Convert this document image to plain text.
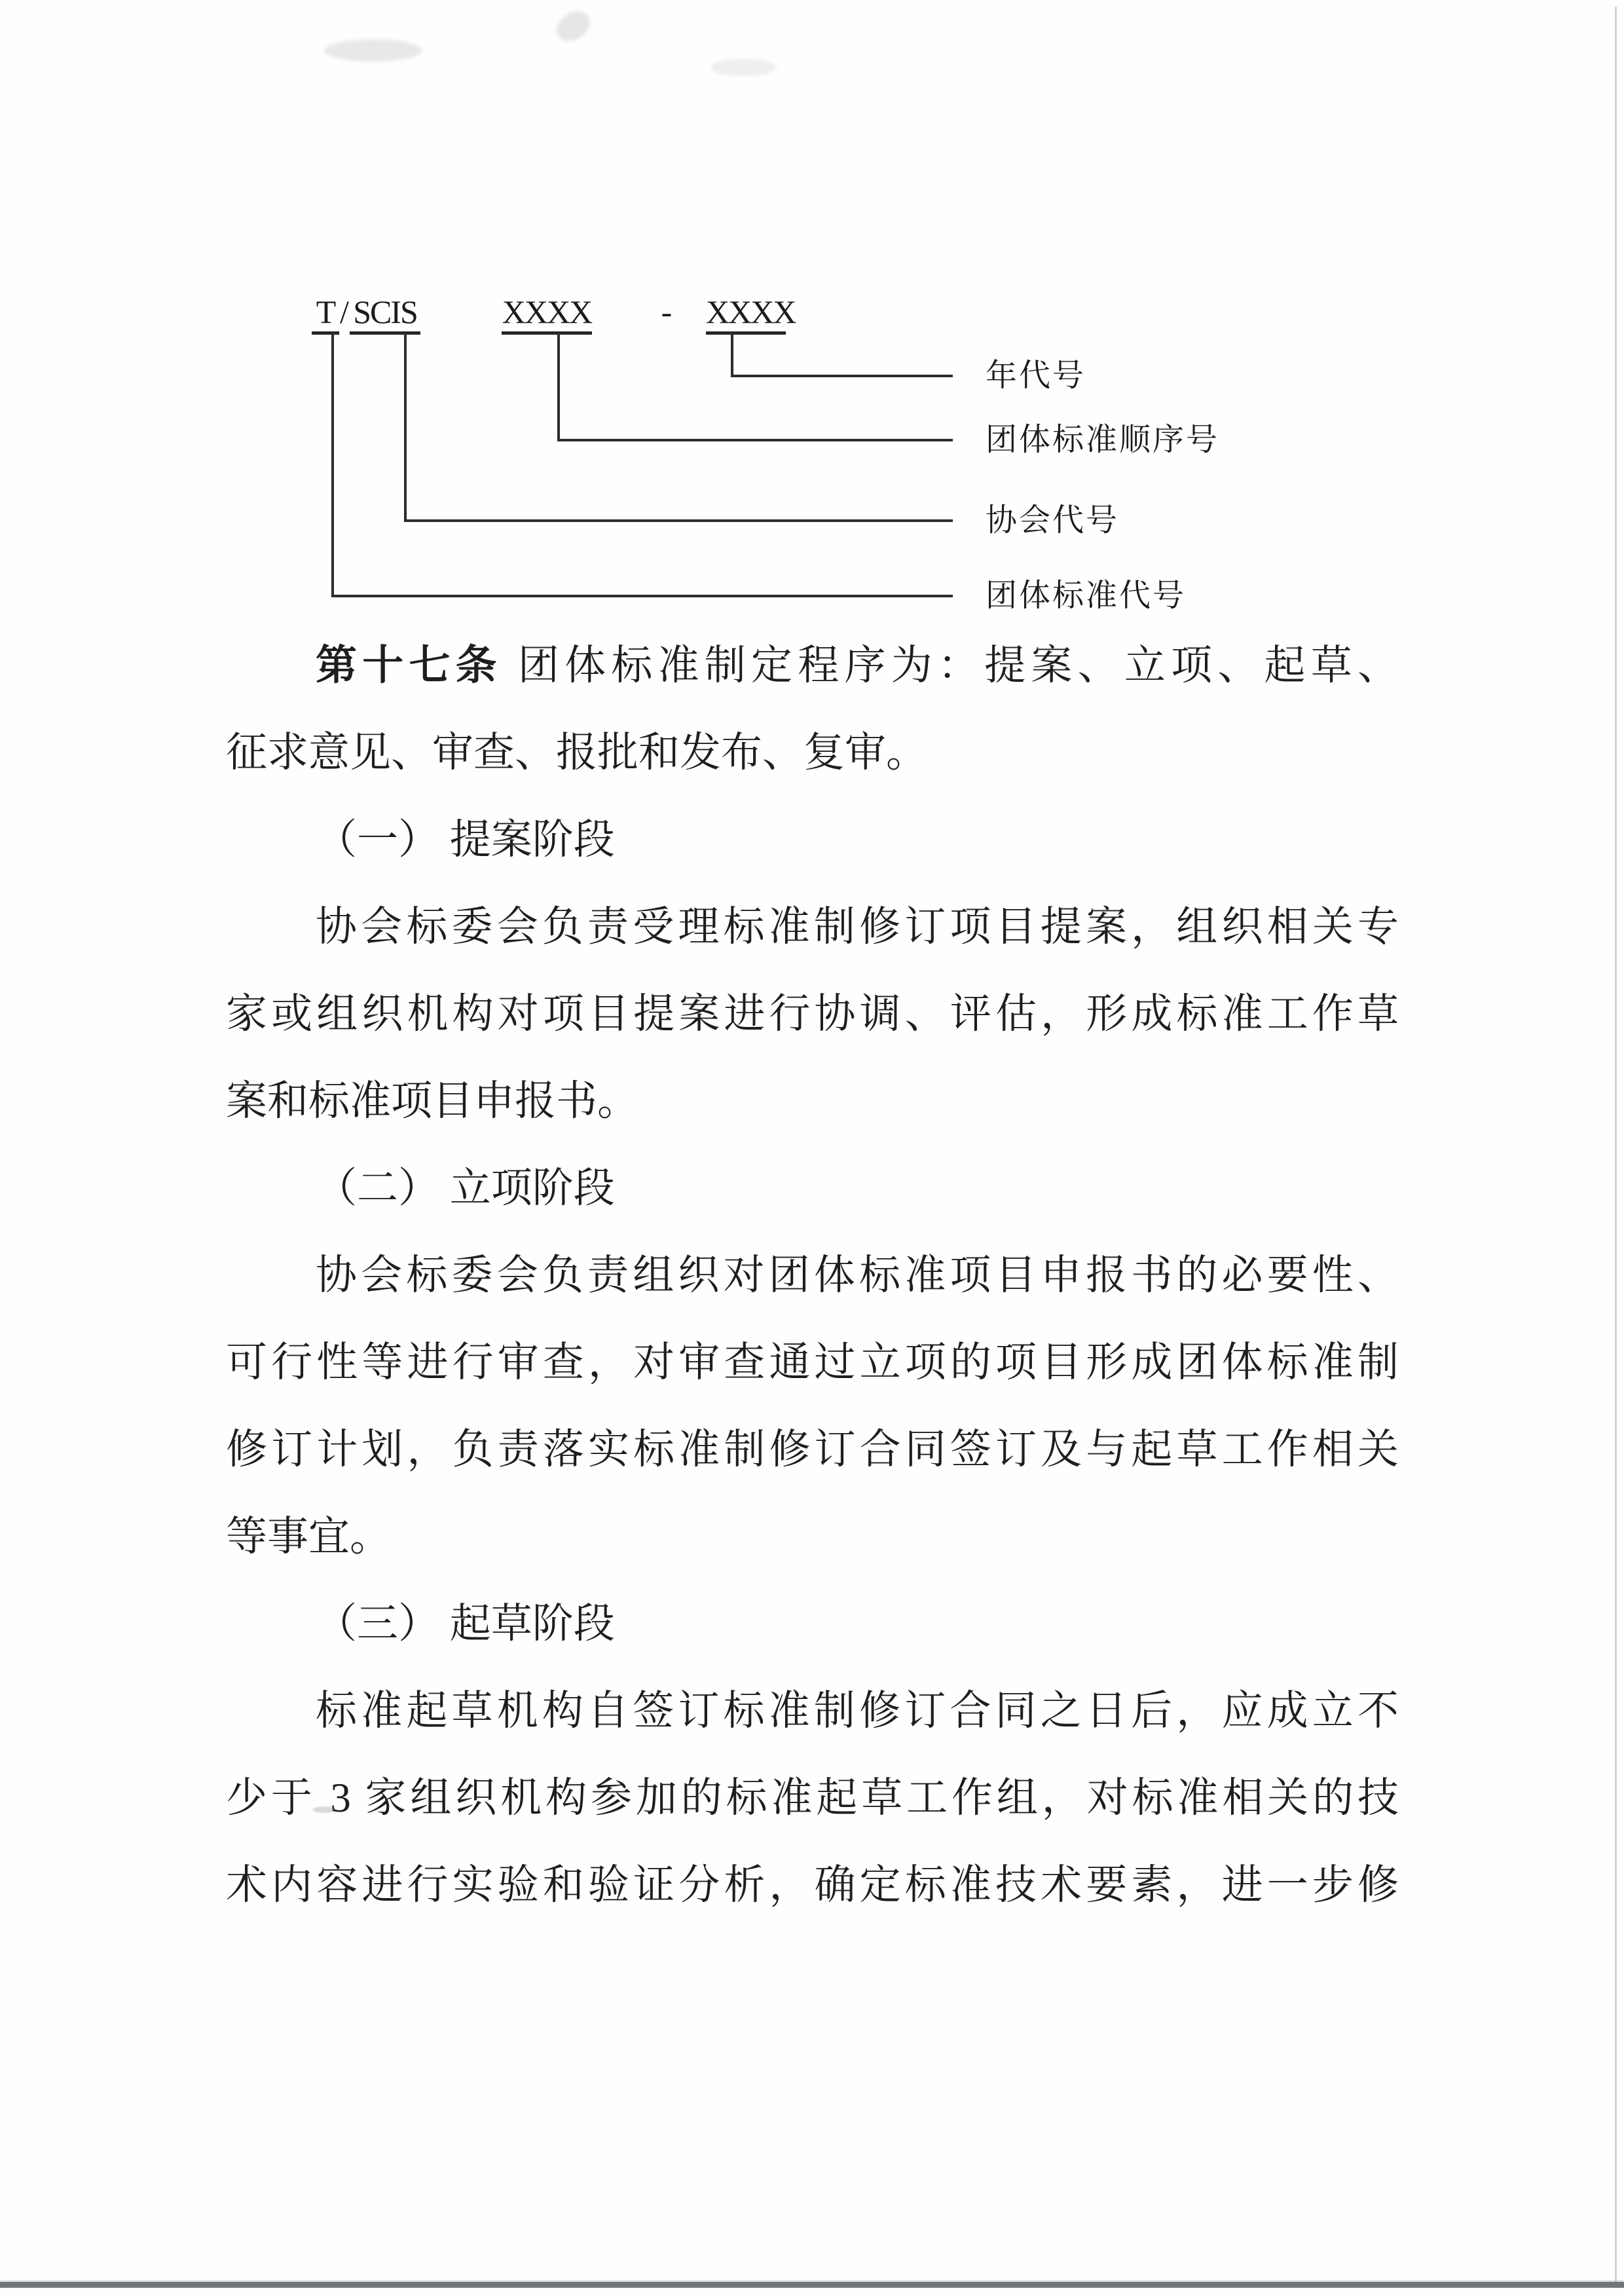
T / SCIS	XXXX	-	XXXX
年代号
团体标准顺序号
协会代号
团体标准代号
第十七条 团体标准制定程序为：提案、立项、起草、
征求意见、审查、报批和发布、复审。
（一） 提案阶段
协会标委会负责受理标准制修订项目提案，组织相关专
家或组织机构对项目提案进行协调、评估，形成标准工作草
案和标准项目申报书。
（二） 立项阶段
协会标委会负责组织对团体标准项目申报书的必要性、
可行性等进行审查，对审查通过立项的项目形成团体标准制
修订计划，负责落实标准制修订合同签订及与起草工作相关
等事宜。
（三） 起草阶段
标准起草机构自签订标准制修订合同之日后，应成立不
少于 3 家组织机构参加的标准起草工作组，对标准相关的技
术内容进行实验和验证分析，确定标准技术要素，进一步修
